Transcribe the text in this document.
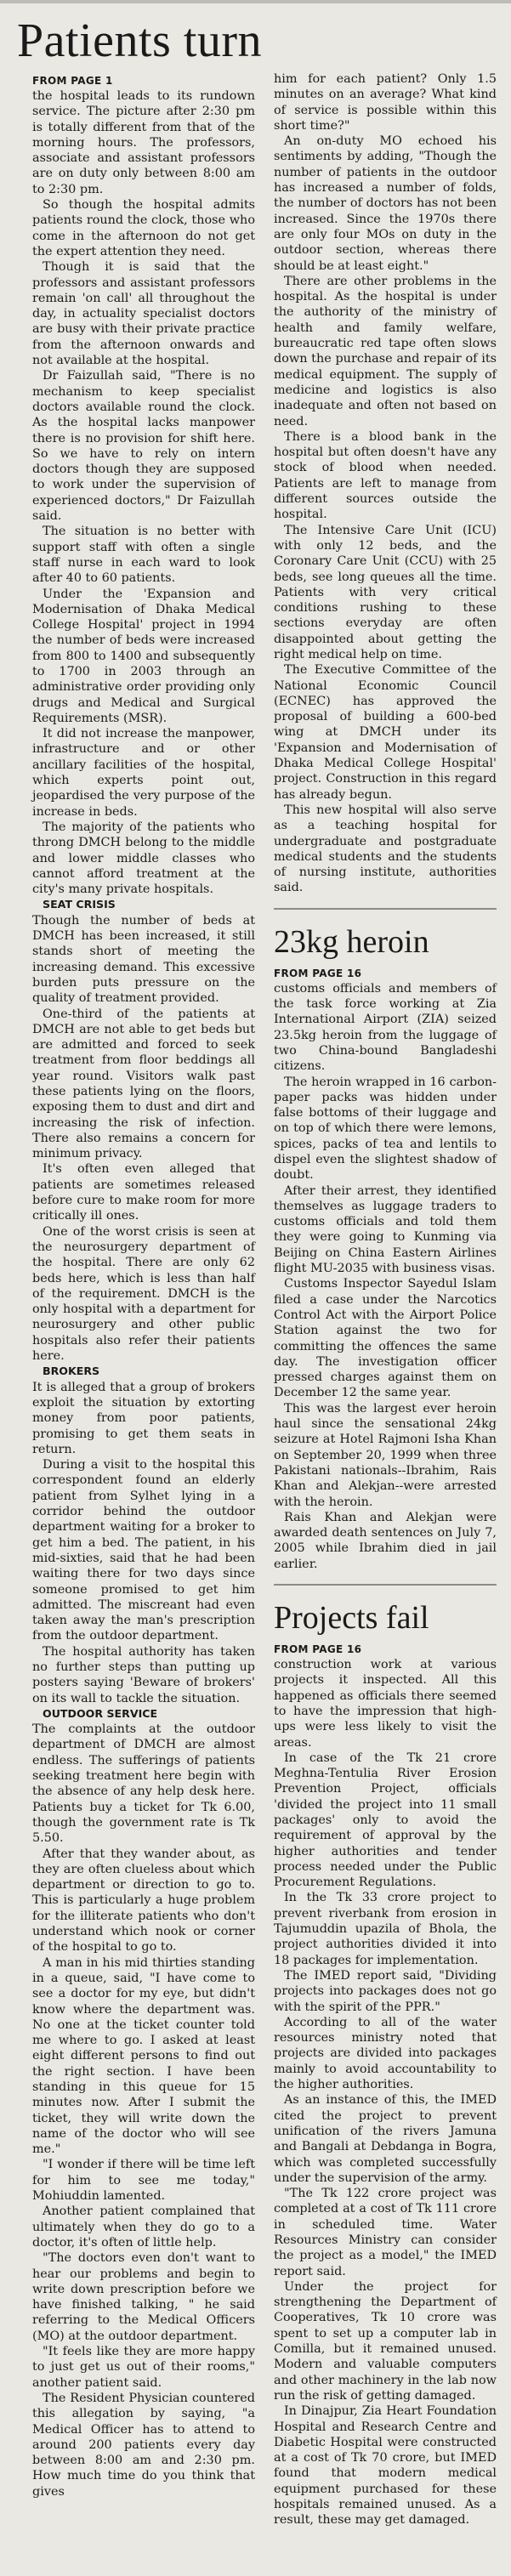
Patients turn
FROM PAGE 1

the hospital leads to its rundown service. The picture after 2:30 pm is totally different from that of the morning hours. The professors, associate and assistant professors are on duty only between 8:00 am to 2:30 pm.

So though the hospital admits patients round the clock, those who come in the afternoon do not get the expert attention they need.

Though it is said that the professors and assistant professors remain 'on call' all throughout the day, in actuality specialist doctors are busy with their private practice from the afternoon onwards and not available at the hospital.

Dr Faizullah said, "There is no mechanism to keep specialist doctors available round the clock. As the hospital lacks manpower there is no provision for shift here. So we have to rely on intern doctors though they are supposed to work under the supervision of experienced doctors," Dr Faizullah said.

The situation is no better with support staff with often a single staff nurse in each ward to look after 40 to 60 patients.

Under the 'Expansion and Modernisation of Dhaka Medical College Hospital' project in 1994 the number of beds were increased from 800 to 1400 and subsequently to 1700 in 2003 through an administrative order providing only drugs and Medical and Surgical Requirements (MSR).

It did not increase the manpower, infrastructure and or other ancillary facilities of the hospital, which experts point out, jeopardised the very purpose of the increase in beds.

The majority of the patients who throng DMCH belong to the middle and lower middle classes who cannot afford treatment at the city's many private hospitals.

SEAT CRISIS

Though the number of beds at DMCH has been increased, it still stands short of meeting the increasing demand. This excessive burden puts pressure on the quality of treatment provided.

One-third of the patients at DMCH are not able to get beds but are admitted and forced to seek treatment from floor beddings all year round. Visitors walk past these patients lying on the floors, exposing them to dust and dirt and increasing the risk of infection. There also remains a concern for minimum privacy.

It's often even alleged that patients are sometimes released before cure to make room for more critically ill ones.

One of the worst crisis is seen at the neurosurgery department of the hospital. There are only 62 beds here, which is less than half of the requirement. DMCH is the only hospital with a department for neurosurgery and other public hospitals also refer their patients here.

BROKERS

It is alleged that a group of brokers exploit the situation by extorting money from poor patients, promising to get them seats in return.

During a visit to the hospital this correspondent found an elderly patient from Sylhet lying in a corridor behind the outdoor department waiting for a broker to get him a bed. The patient, in his mid-sixties, said that he had been waiting there for two days since someone promised to get him admitted. The miscreant had even taken away the man's prescription from the outdoor department.

The hospital authority has taken no further steps than putting up posters saying 'Beware of brokers' on its wall to tackle the situation.

OUTDOOR SERVICE

The complaints at the outdoor department of DMCH are almost endless. The sufferings of patients seeking treatment here begin with the absence of any help desk here. Patients buy a ticket for Tk 6.00, though the government rate is Tk 5.50.

After that they wander about, as they are often clueless about which department or direction to go to. This is particularly a huge problem for the illiterate patients who don't understand which nook or corner of the hospital to go to.

A man in his mid thirties standing in a queue, said, "I have come to see a doctor for my eye, but didn't know where the department was. No one at the ticket counter told me where to go. I asked at least eight different persons to find out the right section. I have been standing in this queue for 15 minutes now. After I submit the ticket, they will write down the name of the doctor who will see me."

"I wonder if there will be time left for him to see me today," Mohiuddin lamented.

Another patient complained that ultimately when they do go to a doctor, it's often of little help.

"The doctors even don't want to hear our problems and begin to write down prescription before we have finished talking, " he said referring to the Medical Officers (MO) at the outdoor department.

"It feels like they are more happy to just get us out of their rooms," another patient said.

The Resident Physician countered this allegation by saying, "a Medical Officer has to attend to around 200 patients every day between 8:00 am and 2:30 pm. How much time do you think that gives

him for each patient? Only 1.5 minutes on an average? What kind of service is possible within this short time?"

An on-duty MO echoed his sentiments by adding, "Though the number of patients in the outdoor has increased a number of folds, the number of doctors has not been increased. Since the 1970s there are only four MOs on duty in the outdoor section, whereas there should be at least eight."

There are other problems in the hospital. As the hospital is under the authority of the ministry of health and family welfare, bureaucratic red tape often slows down the purchase and repair of its medical equipment. The supply of medicine and logistics is also inadequate and often not based on need.

There is a blood bank in the hospital but often doesn't have any stock of blood when needed. Patients are left to manage from different sources outside the hospital.

The Intensive Care Unit (ICU) with only 12 beds, and the Coronary Care Unit (CCU) with 25 beds, see long queues all the time. Patients with very critical conditions rushing to these sections everyday are often disappointed about getting the right medical help on time.

The Executive Committee of the National Economic Council (ECNEC) has approved the proposal of building a 600-bed wing at DMCH under its 'Expansion and Modernisation of Dhaka Medical College Hospital' project. Construction in this regard has already begun.

This new hospital will also serve as a teaching hospital for undergraduate and postgraduate medical students and the students of nursing institute, authorities said.

23kg heroin
FROM PAGE 16

customs officials and members of the task force working at Zia International Airport (ZIA) seized 23.5kg heroin from the luggage of two China-bound Bangladeshi citizens.

The heroin wrapped in 16 carbon-paper packs was hidden under false bottoms of their luggage and on top of which there were lemons, spices, packs of tea and lentils to dispel even the slightest shadow of doubt.

After their arrest, they identified themselves as luggage traders to customs officials and told them they were going to Kunming via Beijing on China Eastern Airlines flight MU-2035 with business visas.

Customs Inspector Sayedul Islam filed a case under the Narcotics Control Act with the Airport Police Station against the two for committing the offences the same day. The investigation officer pressed charges against them on December 12 the same year.

This was the largest ever heroin haul since the sensational 24kg seizure at Hotel Rajmoni Isha Khan on September 20, 1999 when three Pakistani nationals--Ibrahim, Rais Khan and Alekjan--were arrested with the heroin.

Rais Khan and Alekjan were awarded death sentences on July 7, 2005 while Ibrahim died in jail earlier.

Projects fail
FROM PAGE 16

construction work at various projects it inspected. All this happened as officials there seemed to have the impression that high-ups were less likely to visit the areas.

In case of the Tk 21 crore Meghna-Tentulia River Erosion Prevention Project, officials 'divided the project into 11 small packages' only to avoid the requirement of approval by the higher authorities and tender process needed under the Public Procurement Regulations.

In the Tk 33 crore project to prevent riverbank from erosion in Tajumuddin upazila of Bhola, the project authorities divided it into 18 packages for implementation.

The IMED report said, "Dividing projects into packages does not go with the spirit of the PPR."

According to all of the water resources ministry noted that projects are divided into packages mainly to avoid accountability to the higher authorities.

As an instance of this, the IMED cited the project to prevent unification of the rivers Jamuna and Bangali at Debdanga in Bogra, which was completed successfully under the supervision of the army.

"The Tk 122 crore project was completed at a cost of Tk 111 crore in scheduled time. Water Resources Ministry can consider the project as a model," the IMED report said.

Under the project for strengthening the Department of Cooperatives, Tk 10 crore was spent to set up a computer lab in Comilla, but it remained unused. Modern and valuable computers and other machinery in the lab now run the risk of getting damaged.

In Dinajpur, Zia Heart Foundation Hospital and Research Centre and Diabetic Hospital were constructed at a cost of Tk 70 crore, but IMED found that modern medical equipment purchased for these hospitals remained unused. As a result, these may get damaged.
